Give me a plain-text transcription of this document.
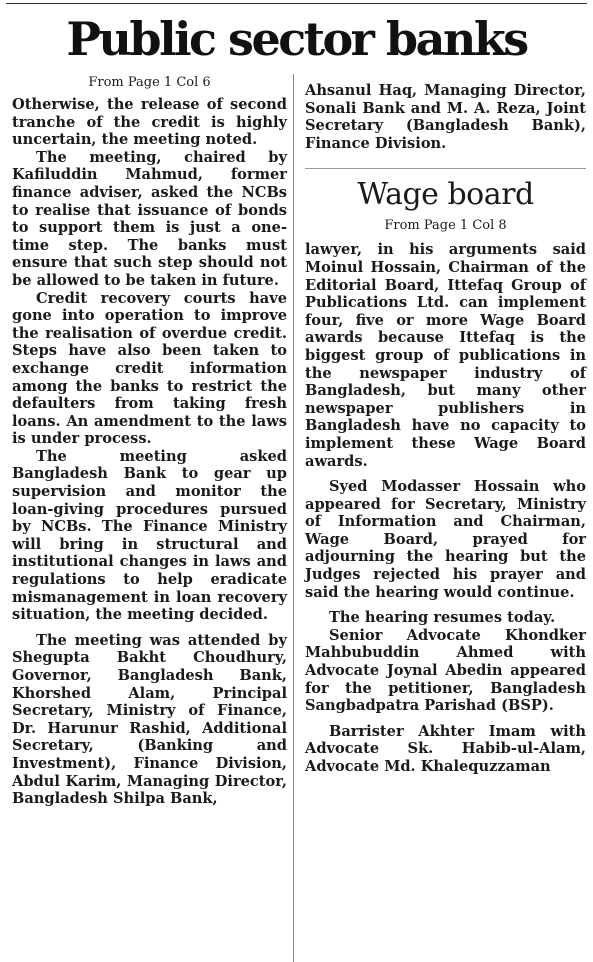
Public sector banks

From Page 1 Col 6

Otherwise, the release of second tranche of the credit is highly uncertain, the meeting noted.

The meeting, chaired by Kafiluddin Mahmud, former finance adviser, asked the NCBs to realise that issuance of bonds to support them is just a one-time step. The banks must ensure that such step should not be allowed to be taken in future.

Credit recovery courts have gone into operation to improve the realisation of overdue credit. Steps have also been taken to exchange credit information among the banks to restrict the defaulters from taking fresh loans. An amendment to the laws is under process.

The meeting asked Bangladesh Bank to gear up supervision and monitor the loan-giving procedures pursued by NCBs. The Finance Ministry will bring in structural and institutional changes in laws and regulations to help eradicate mismanagement in loan recovery situation, the meeting decided.

The meeting was attended by Shegupta Bakht Choudhury, Governor, Bangladesh Bank, Khorshed Alam, Principal Secretary, Ministry of Finance, Dr. Harunur Rashid, Additional Secretary, (Banking and Investment), Finance Division, Abdul Karim, Managing Director, Bangladesh Shilpa Bank,

Ahsanul Haq, Managing Director, Sonali Bank and M. A. Reza, Joint Secretary (Bangladesh Bank), Finance Division.

Wage board

From Page 1 Col 8

lawyer, in his arguments said Moinul Hossain, Chairman of the Editorial Board, Ittefaq Group of Publications Ltd. can implement four, five or more Wage Board awards because Ittefaq is the biggest group of publications in the newspaper industry of Bangladesh, but many other newspaper publishers in Bangladesh have no capacity to implement these Wage Board awards.

Syed Modasser Hossain who appeared for Secretary, Ministry of Information and Chairman, Wage Board, prayed for adjourning the hearing but the Judges rejected his prayer and said the hearing would continue.

The hearing resumes today.

Senior Advocate Khondker Mahbubuddin Ahmed with Advocate Joynal Abedin appeared for the petitioner, Bangladesh Sangbadpatra Parishad (BSP).

Barrister Akhter Imam with Advocate Sk. Habib-ul-Alam, Advocate Md. Khalequzzaman
